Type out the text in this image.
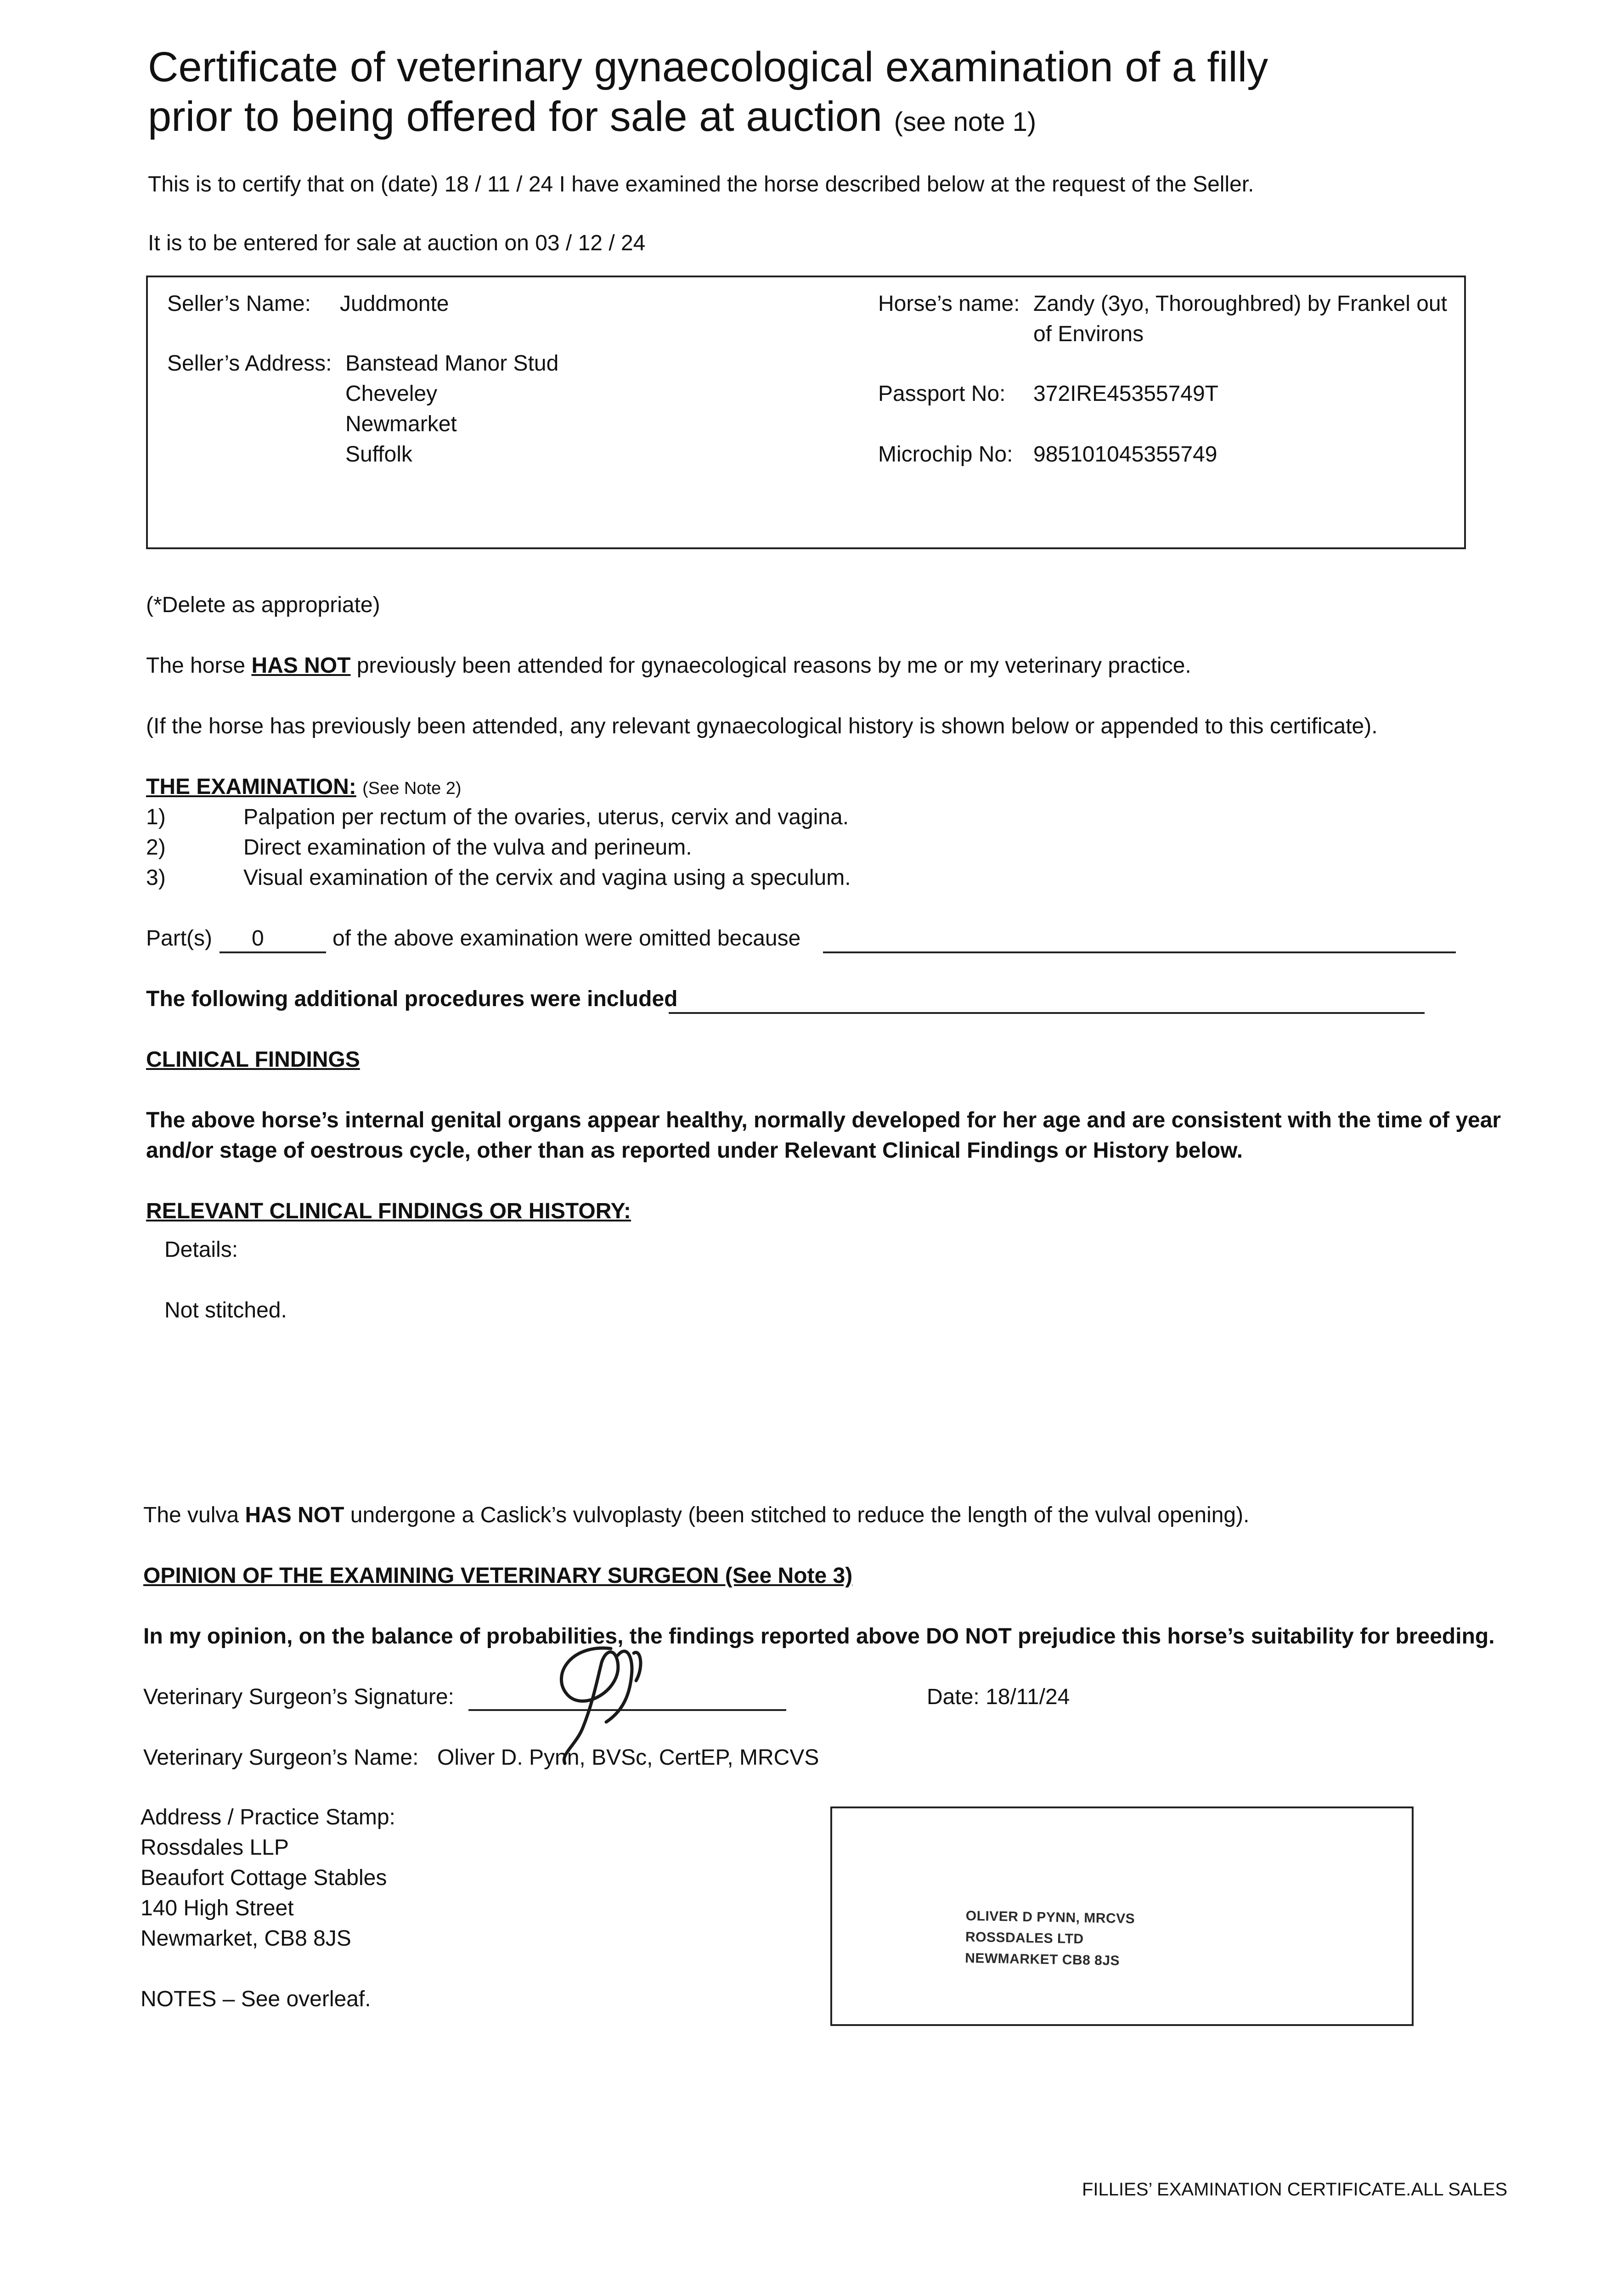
Certificate of veterinary gynaecological examination of a filly
prior to being offered for sale at auction (see note 1)
This is to certify that on (date) 18 / 11 / 24 I have examined the horse described below at the request of the Seller.
It is to be entered for sale at auction on 03 / 12 / 24
Seller’s Name: Juddmonte
Seller’s Address: Banstead Manor Stud
Cheveley
Newmarket
Suffolk
Horse’s name: Zandy (3yo, Thoroughbred) by Frankel out
of Environs
Passport No: 372IRE45355749T
Microchip No: 985101045355749
(*Delete as appropriate)
The horse HAS NOT previously been attended for gynaecological reasons by me or my veterinary practice.
(If the horse has previously been attended, any relevant gynaecological history is shown below or appended to this certificate).
THE EXAMINATION: (See Note 2)
1)	Palpation per rectum of the ovaries, uterus, cervix and vagina.
2)	Direct examination of the vulva and perineum.
3)	Visual examination of the cervix and vagina using a speculum.
Part(s) 0	of the above examination were omitted because
The following additional procedures were included
CLINICAL FINDINGS
The above horse’s internal genital organs appear healthy, normally developed for her age and are consistent with the time of year
and/or stage of oestrous cycle, other than as reported under Relevant Clinical Findings or History below.
RELEVANT CLINICAL FINDINGS OR HISTORY:
Details:
Not stitched.
The vulva HAS NOT undergone a Caslick’s vulvoplasty (been stitched to reduce the length of the vulval opening).
OPINION OF THE EXAMINING VETERINARY SURGEON (See Note 3)
In my opinion, on the balance of probabilities, the findings reported above DO NOT prejudice this horse’s suitability for breeding.
Veterinary Surgeon’s Signature:	Date: 18/11/24
Veterinary Surgeon’s Name: Oliver D. Pynn, BVSc, CertEP, MRCVS
Address / Practice Stamp:
Rossdales LLP
Beaufort Cottage Stables
140 High Street
Newmarket, CB8 8JS
OLIVER D PYNN, MRCVS
ROSSDALES LTD
NEWMARKET CB8 8JS
NOTES – See overleaf.
FILLIES’ EXAMINATION CERTIFICATE.ALL SALES
